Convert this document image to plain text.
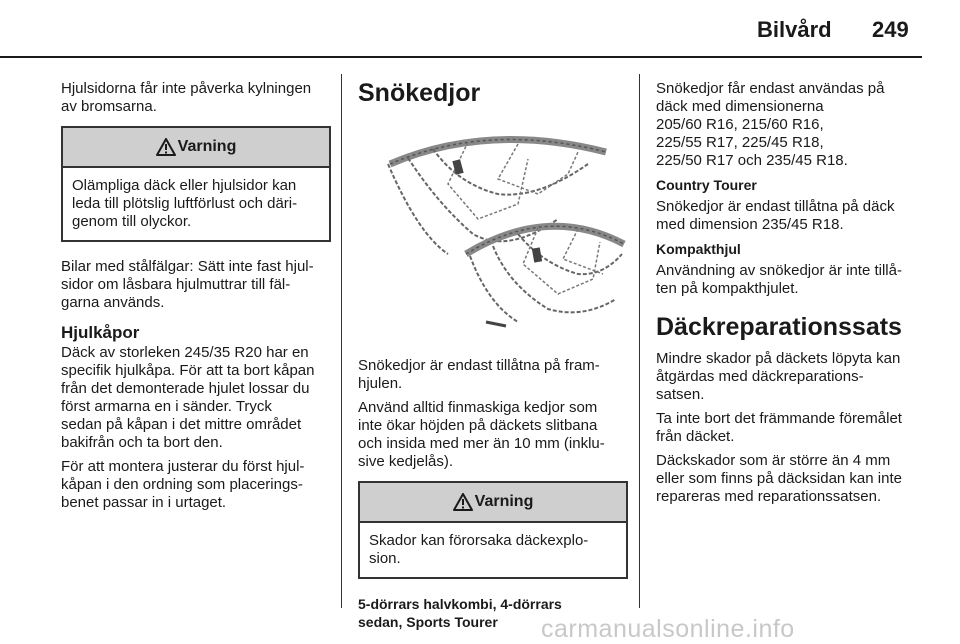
Bilvård 249

Hjulsidorna får inte påverka kylningen
av bromsarna.

Varning
Olämpliga däck eller hjulsidor kan
leda till plötslig luftförlust och däri-
genom till olyckor.

Bilar med stålfälgar: Sätt inte fast hjul-
sidor om låsbara hjulmuttrar till fäl-
garna används.

Hjulkåpor

Däck av storleken 245/35 R20 har en
specifik hjulkåpa. För att ta bort kåpan
från det demonterade hjulet lossar du
först armarna en i sänder. Tryck
sedan på kåpan i det mittre området
bakifrån och ta bort den.

För att montera justerar du först hjul-
kåpan i den ordning som placerings-
benet passar in i urtaget.

Snökedjor

Snökedjor är endast tillåtna på fram-
hjulen.

Använd alltid finmaskiga kedjor som
inte ökar höjden på däckets slitbana
och insida med mer än 10 mm (inklu-
sive kedjelås).

Varning
Skador kan förorsaka däckexplo-
sion.
5-dörrars halvkombi, 4-dörrars
sedan, Sports Tourer

Snökedjor får endast användas på
däck med dimensionerna
205/60 R16, 215/60 R16,
225/55 R17, 225/45 R18,
225/50 R17 och 235/45 R18.

Country Tourer

Snökedjor är endast tillåtna på däck
med dimension 235/45 R18.

Kompakthjul

Användning av snökedjor är inte tillå-
ten på kompakthjulet.

Däckreparationssats

Mindre skador på däckets löpyta kan
åtgärdas med däckreparations-
satsen.

Ta inte bort det främmande föremålet
från däcket.

Däckskador som är större än 4 mm
eller som finns på däcksidan kan inte
repareras med reparationssatsen.

carmanualsonline.info
